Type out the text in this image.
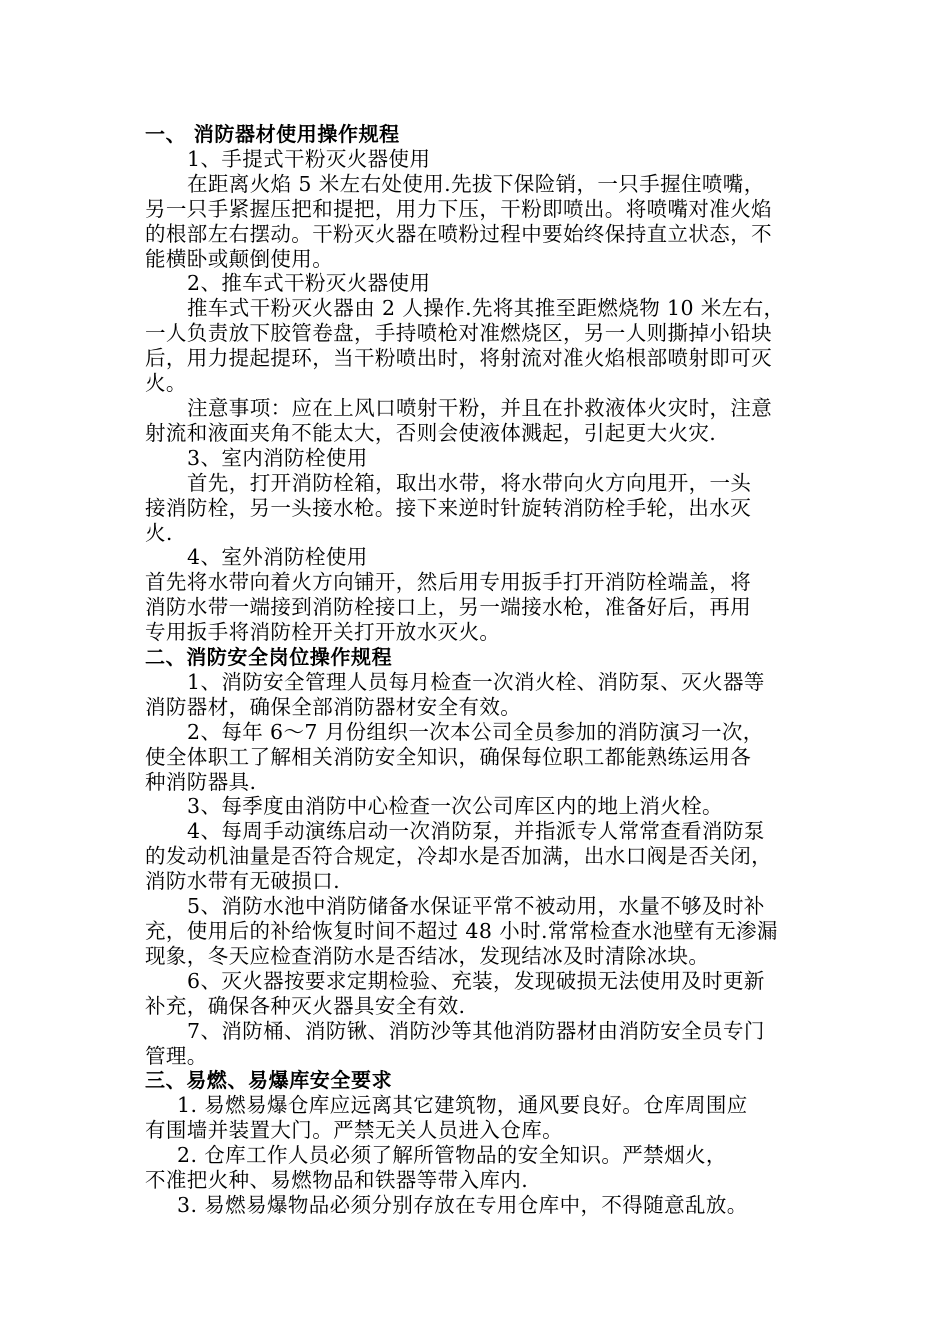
一、 消防器材使用操作规程
1、手提式干粉灭火器使用
在距离火焰 5 米左右处使用.先拔下保险销，一只手握住喷嘴，
另一只手紧握压把和提把，用力下压，干粉即喷出。将喷嘴对准火焰
的根部左右摆动。干粉灭火器在喷粉过程中要始终保持直立状态，不
能横卧或颠倒使用。
2、推车式干粉灭火器使用
推车式干粉灭火器由 2 人操作.先将其推至距燃烧物 10 米左右，
一人负责放下胶管卷盘，手持喷枪对准燃烧区，另一人则撕掉小铅块
后，用力提起提环，当干粉喷出时，将射流对准火焰根部喷射即可灭
火。
注意事项：应在上风口喷射干粉，并且在扑救液体火灾时，注意
射流和液面夹角不能太大，否则会使液体溅起，引起更大火灾.
3、室内消防栓使用
首先，打开消防栓箱，取出水带，将水带向火方向甩开，一头
接消防栓，另一头接水枪。接下来逆时针旋转消防栓手轮，出水灭
火.
4、室外消防栓使用
首先将水带向着火方向铺开，然后用专用扳手打开消防栓端盖，将
消防水带一端接到消防栓接口上，另一端接水枪，准备好后，再用
专用扳手将消防栓开关打开放水灭火。
二、消防安全岗位操作规程
1、消防安全管理人员每月检查一次消火栓、消防泵、灭火器等
消防器材，确保全部消防器材安全有效。
2、每年 6～7 月份组织一次本公司全员参加的消防演习一次，
使全体职工了解相关消防安全知识，确保每位职工都能熟练运用各
种消防器具.
3、每季度由消防中心检查一次公司库区内的地上消火栓。
4、每周手动演练启动一次消防泵，并指派专人常常查看消防泵
的发动机油量是否符合规定，冷却水是否加满，出水口阀是否关闭，
消防水带有无破损口.
5、消防水池中消防储备水保证平常不被动用，水量不够及时补
充，使用后的补给恢复时间不超过 48 小时.常常检查水池壁有无渗漏
现象，冬天应检查消防水是否结冰，发现结冰及时清除冰块。
6、灭火器按要求定期检验、充装，发现破损无法使用及时更新
补充，确保各种灭火器具安全有效.
7、消防桶、消防锹、消防沙等其他消防器材由消防安全员专门
管理。
三、易燃、易爆库安全要求
1. 易燃易爆仓库应远离其它建筑物，通风要良好。仓库周围应
有围墙并装置大门。严禁无关人员进入仓库。
2. 仓库工作人员必须了解所管物品的安全知识。严禁烟火，
不准把火种、易燃物品和铁器等带入库内.
3. 易燃易爆物品必须分别存放在专用仓库中，不得随意乱放。
